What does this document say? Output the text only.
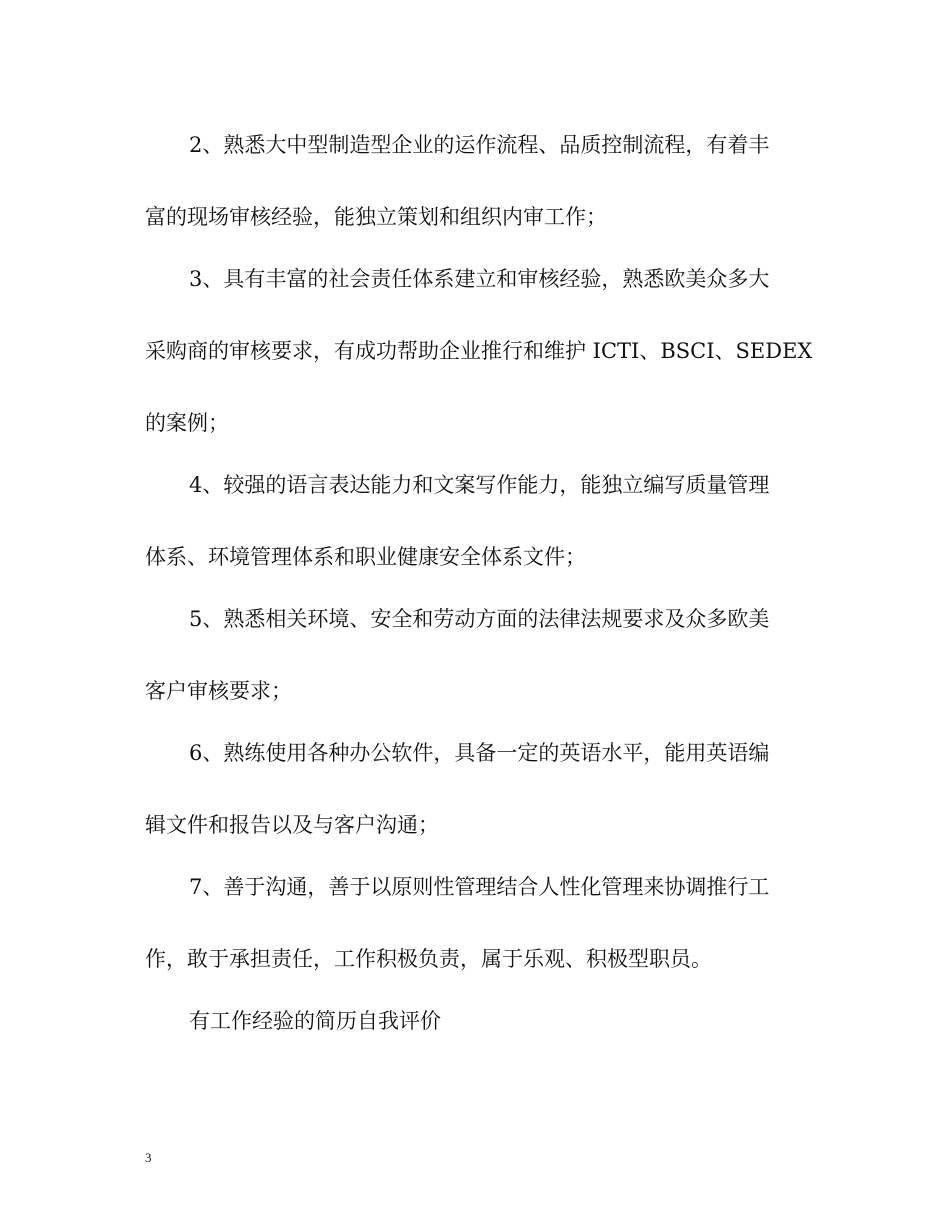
2、熟悉大中型制造型企业的运作流程、品质控制流程，有着丰
富的现场审核经验，能独立策划和组织内审工作；
3、具有丰富的社会责任体系建立和审核经验，熟悉欧美众多大
采购商的审核要求，有成功帮助企业推行和维护 ICTI、BSCI、SEDEX
的案例；
4、较强的语言表达能力和文案写作能力，能独立编写质量管理
体系、环境管理体系和职业健康安全体系文件；
5、熟悉相关环境、安全和劳动方面的法律法规要求及众多欧美
客户审核要求；
6、熟练使用各种办公软件，具备一定的英语水平，能用英语编
辑文件和报告以及与客户沟通；
7、善于沟通，善于以原则性管理结合人性化管理来协调推行工
作，敢于承担责任，工作积极负责，属于乐观、积极型职员。
有工作经验的简历自我评价
3
